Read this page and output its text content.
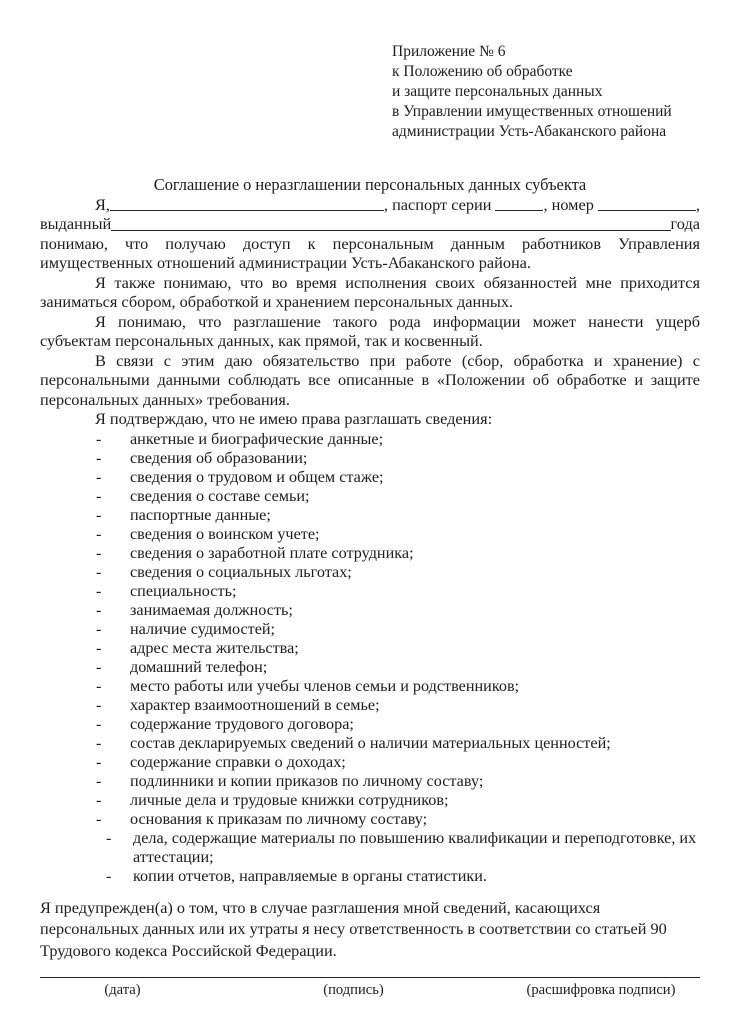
Приложение № 6
к Положению об обработке
и защите персональных данных
в Управлении имущественных отношений
администрации Усть-Абаканского района
Соглашение о неразглашении персональных данных субъекта
Я,	, паспорт серии	, номер	,
выданный	года

понимаю, что получаю доступ к персональным данным работников Управления имущественных отношений администрации Усть-Абаканского района.

Я также понимаю, что во время исполнения своих обязанностей мне приходится заниматься сбором, обработкой и хранением персональных данных.

Я понимаю, что разглашение такого рода информации может нанести ущерб субъектам персональных данных, как прямой, так и косвенный.

В связи с этим даю обязательство при работе (сбор, обработка и хранение) с персональными данными соблюдать все описанные в «Положении об обработке и защите персональных данных» требования.

Я подтверждаю, что не имею права разглашать сведения:

-	анкетные и биографические данные;
-	сведения об образовании;
-	сведения о трудовом и общем стаже;
-	сведения о составе семьи;
-	паспортные данные;
-	сведения о воинском учете;
-	сведения о заработной плате сотрудника;
-	сведения о социальных льготах;
-	специальность;
-	занимаемая должность;
-	наличие судимостей;
-	адрес места жительства;
-	домашний телефон;
-	место работы или учебы членов семьи и родственников;
-	характер взаимоотношений в семье;
-	содержание трудового договора;
-	состав декларируемых сведений о наличии материальных ценностей;
-	содержание справки о доходах;
-	подлинники и копии приказов по личному составу;
-	личные дела и трудовые книжки сотрудников;
-	основания к приказам по личному составу;
-	дела, содержащие материалы по повышению квалификации и переподготовке, их аттестации;
-	копии отчетов, направляемые в органы статистики.

Я предупрежден(а) о том, что в случае разглашения мной сведений, касающихся персональных данных или их утраты я несу ответственность в соответствии со статьей 90 Трудового кодекса Российской Федерации.

(дата)	(подпись)	(расшифровка подписи)
